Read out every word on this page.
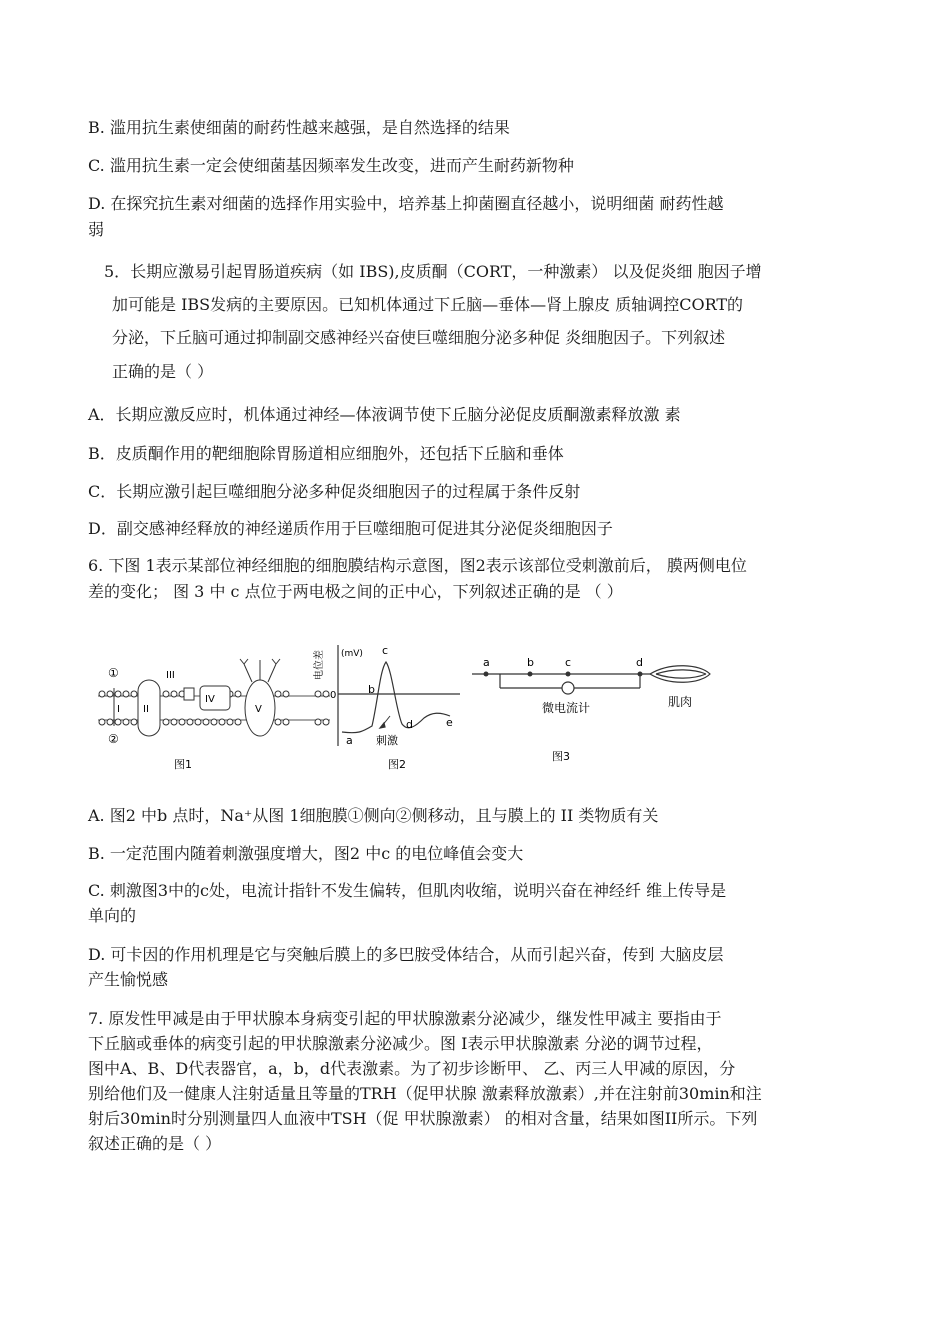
B. 滥用抗生素使细菌的耐药性越来越强，是自然选择的结果
C. 滥用抗生素一定会使细菌基因频率发生改变，进而产生耐药新物种
D. 在探究抗生素对细菌的选择作用实验中，培养基上抑菌圈直径越小，说明细菌 耐药性越
弱
5．长期应激易引起胃肠道疾病（如 IBS),皮质酮（CORT，一种激素） 以及促炎细 胞因子增
加可能是 IBS发病的主要原因。已知机体通过下丘脑—垂体—肾上腺皮 质轴调控CORT的
分泌，下丘脑可通过抑制副交感神经兴奋使巨噬细胞分泌多种促 炎细胞因子。下列叙述
正确的是（ ）
A．长期应激反应时，机体通过神经—体液调节使下丘脑分泌促皮质酮激素释放激 素
B．皮质酮作用的靶细胞除胃肠道相应细胞外，还包括下丘脑和垂体
C．长期应激引起巨噬细胞分泌多种促炎细胞因子的过程属于条件反射
D．副交感神经释放的神经递质作用于巨噬细胞可促进其分泌促炎细胞因子
6. 下图 1表示某部位神经细胞的细胞膜结构示意图，图2表示该部位受刺激前后， 膜两侧电位
差的变化； 图 3 中 c 点位于两电极之间的正中心，下列叙述正确的是 （ ）
①
②
I II
III
IV
V
图1
电位差 (mV)
0
a
b
c
d	e
刺激
图2
a	b	c	d
微电流计	肌肉
图3
A. 图2 中b 点时，Na⁺从图 1细胞膜①侧向②侧移动，且与膜上的 II 类物质有关
B. 一定范围内随着刺激强度增大，图2 中c 的电位峰值会变大
C. 刺激图3中的c处，电流计指针不发生偏转，但肌肉收缩，说明兴奋在神经纤 维上传导是
单向的
D. 可卡因的作用机理是它与突触后膜上的多巴胺受体结合，从而引起兴奋，传到 大脑皮层
产生愉悦感
7. 原发性甲减是由于甲状腺本身病变引起的甲状腺激素分泌减少，继发性甲减主 要指由于
下丘脑或垂体的病变引起的甲状腺激素分泌减少。图 I表示甲状腺激素 分泌的调节过程，
图中A、B、D代表器官，a，b，d代表激素。为了初步诊断甲、 乙、丙三人甲减的原因，分
别给他们及一健康人注射适量且等量的TRH（促甲状腺 激素释放激素）,并在注射前30min和注
射后30min时分别测量四人血液中TSH（促 甲状腺激素） 的相对含量，结果如图II所示。下列
叙述正确的是（ ）
